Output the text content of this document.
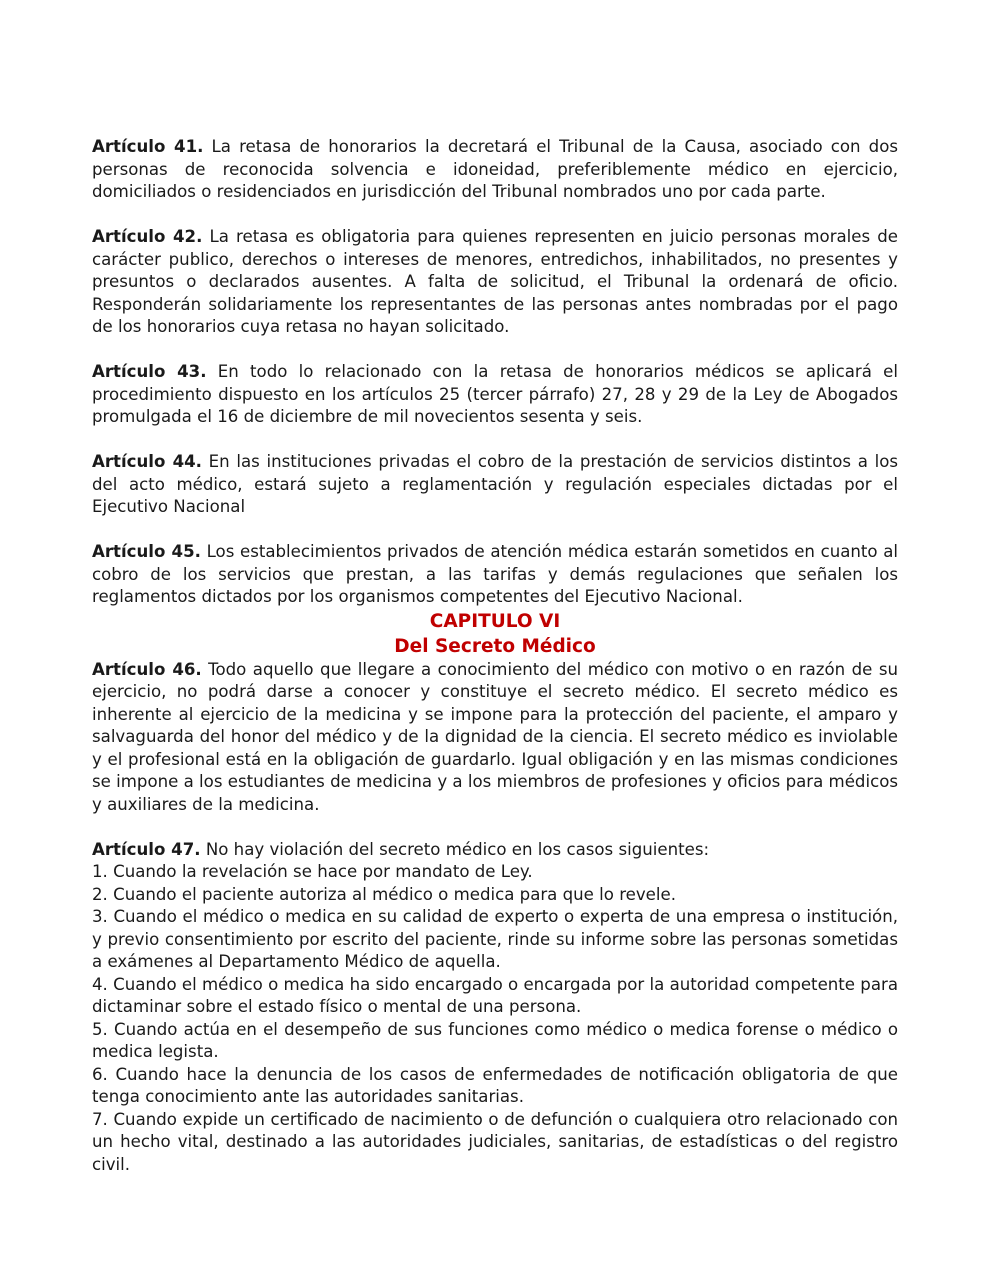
Artículo 41. La retasa de honorarios la decretará el Tribunal de la Causa, asociado con dos personas de reconocida solvencia e idoneidad, preferiblemente médico en ejercicio, domiciliados o residenciados en jurisdicción del Tribunal nombrados uno por cada parte.

Artículo 42. La retasa es obligatoria para quienes representen en juicio personas morales de carácter publico, derechos o intereses de menores, entredichos, inhabilitados, no presentes y presuntos o declarados ausentes. A falta de solicitud, el Tribunal la ordenará de oficio. Responderán solidariamente los representantes de las personas antes nombradas por el pago de los honorarios cuya retasa no hayan solicitado.

Artículo 43. En todo lo relacionado con la retasa de honorarios médicos se aplicará el procedimiento dispuesto en los artículos 25 (tercer párrafo) 27, 28 y 29 de la Ley de Abogados promulgada el 16 de diciembre de mil novecientos sesenta y seis.

Artículo 44. En las instituciones privadas el cobro de la prestación de servicios distintos a los del acto médico, estará sujeto a reglamentación y regulación especiales dictadas por el Ejecutivo Nacional

Artículo 45. Los establecimientos privados de atención médica estarán sometidos en cuanto al cobro de los servicios que prestan, a las tarifas y demás regulaciones que señalen los reglamentos dictados por los organismos competentes del Ejecutivo Nacional.

CAPITULO VI
Del Secreto Médico

Artículo 46. Todo aquello que llegare a conocimiento del médico con motivo o en razón de su ejercicio, no podrá darse a conocer y constituye el secreto médico. El secreto médico es inherente al ejercicio de la medicina y se impone para la protección del paciente, el amparo y salvaguarda del honor del médico y de la dignidad de la ciencia. El secreto médico es inviolable y el profesional está en la obligación de guardarlo. Igual obligación y en las mismas condiciones se impone a los estudiantes de medicina y a los miembros de profesiones y oficios para médicos y auxiliares de la medicina.

Artículo 47. No hay violación del secreto médico en los casos siguientes:

1. Cuando la revelación se hace por mandato de Ley.

2. Cuando el paciente autoriza al médico o medica para que lo revele.

3. Cuando el médico o medica en su calidad de experto o experta de una empresa o institución, y previo consentimiento por escrito del paciente, rinde su informe sobre las personas sometidas a exámenes al Departamento Médico de aquella.

4. Cuando el médico o medica ha sido encargado o encargada por la autoridad competente para dictaminar sobre el estado físico o mental de una persona.

5. Cuando actúa en el desempeño de sus funciones como médico o medica forense o médico o medica legista.

6. Cuando hace la denuncia de los casos de enfermedades de notificación obligatoria de que tenga conocimiento ante las autoridades sanitarias.

7. Cuando expide un certificado de nacimiento o de defunción o cualquiera otro relacionado con un hecho vital, destinado a las autoridades judiciales, sanitarias, de estadísticas o del registro civil.
